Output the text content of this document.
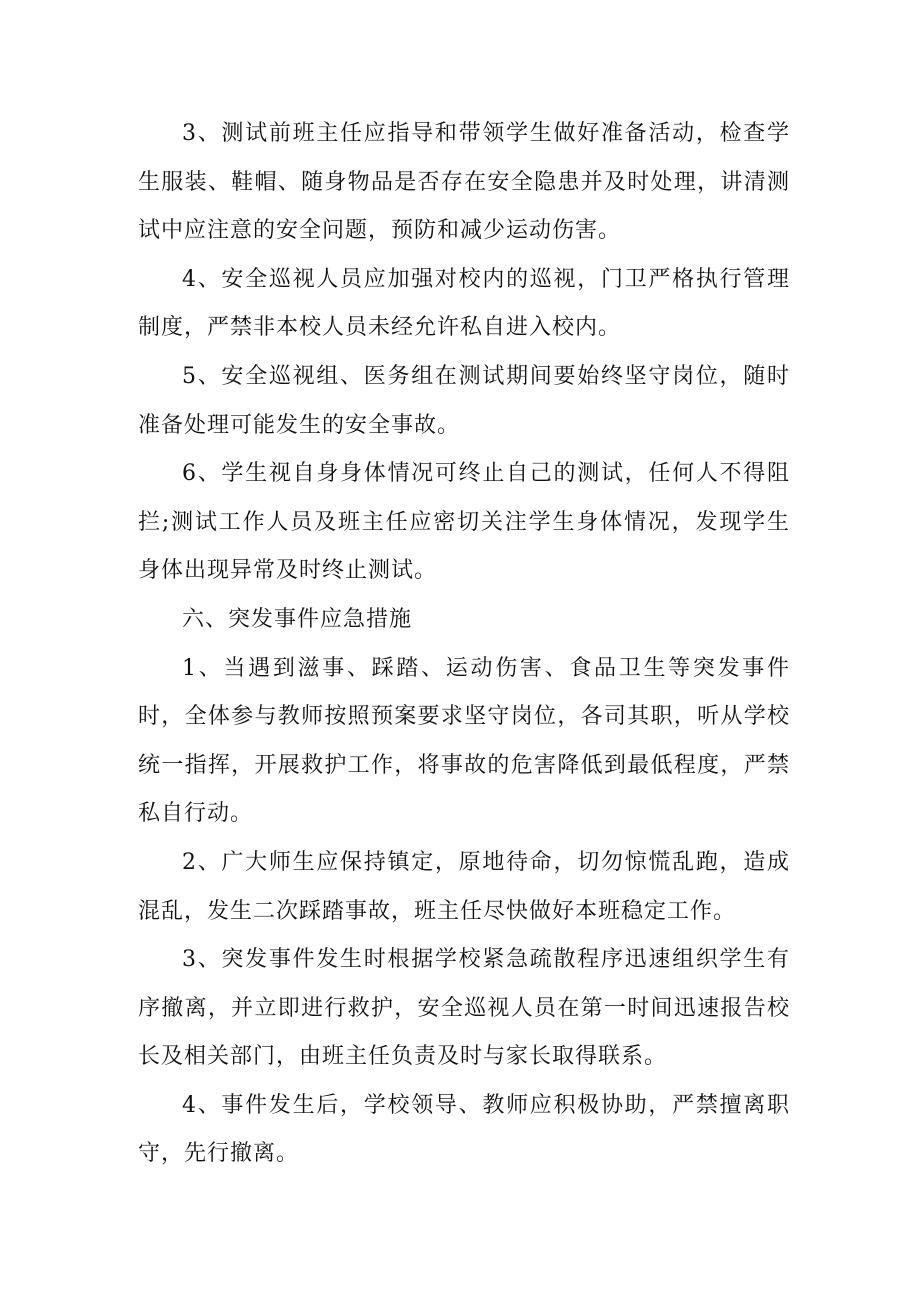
3、测试前班主任应指导和带领学生做好准备活动，检查学生服装、鞋帽、随身物品是否存在安全隐患并及时处理，讲清测试中应注意的安全问题，预防和减少运动伤害。

4、安全巡视人员应加强对校内的巡视，门卫严格执行管理制度，严禁非本校人员未经允许私自进入校内。

5、安全巡视组、医务组在测试期间要始终坚守岗位，随时准备处理可能发生的安全事故。

6、学生视自身身体情况可终止自己的测试，任何人不得阻拦;测试工作人员及班主任应密切关注学生身体情况，发现学生身体出现异常及时终止测试。

六、突发事件应急措施

1、当遇到滋事、踩踏、运动伤害、食品卫生等突发事件时，全体参与教师按照预案要求坚守岗位，各司其职，听从学校统一指挥，开展救护工作，将事故的危害降低到最低程度，严禁私自行动。

2、广大师生应保持镇定，原地待命，切勿惊慌乱跑，造成混乱，发生二次踩踏事故，班主任尽快做好本班稳定工作。

3、突发事件发生时根据学校紧急疏散程序迅速组织学生有序撤离，并立即进行救护，安全巡视人员在第一时间迅速报告校长及相关部门，由班主任负责及时与家长取得联系。

4、事件发生后，学校领导、教师应积极协助，严禁擅离职守，先行撤离。
